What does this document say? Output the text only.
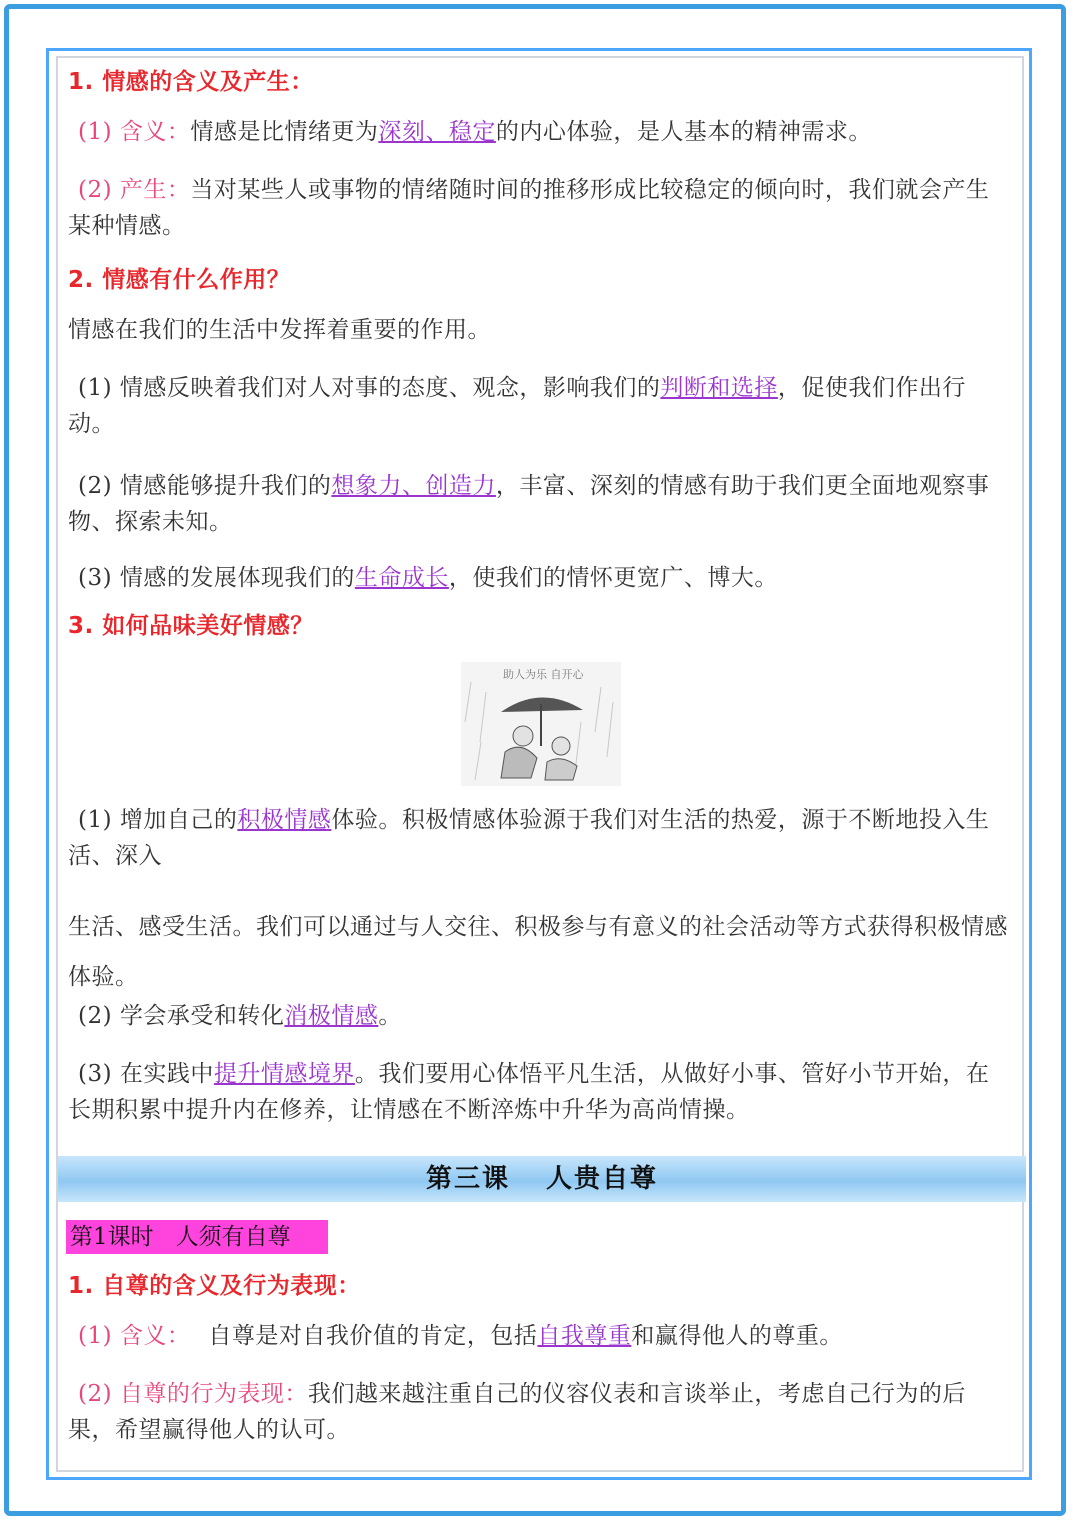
1. 情感的含义及产生：
(1) 含义：情感是比情绪更为深刻、稳定的内心体验，是人基本的精神需求。
(2) 产生：当对某些人或事物的情绪随时间的推移形成比较稳定的倾向时，我们就会产生某种情感。
2. 情感有什么作用？
情感在我们的生活中发挥着重要的作用。
(1) 情感反映着我们对人对事的态度、观念，影响我们的判断和选择，促使我们作出行动。
(2) 情感能够提升我们的想象力、创造力，丰富、深刻的情感有助于我们更全面地观察事物、探索未知。
(3) 情感的发展体现我们的生命成长，使我们的情怀更宽广、博大。
3. 如何品味美好情感？
助人为乐 自开心
(1) 增加自己的积极情感体验。积极情感体验源于我们对生活的热爱，源于不断地投入生活、深入
生活、感受生活。我们可以通过与人交往、积极参与有意义的社会活动等方式获得积极情感体验。
(2) 学会承受和转化消极情感。
(3) 在实践中提升情感境界。我们要用心体悟平凡生活，从做好小事、管好小节开始，在长期积累中提升内在修养，让情感在不断淬炼中升华为高尚情操。
第三课 人贵自尊
第1课时 人须有自尊
1. 自尊的含义及行为表现：
(1) 含义： 自尊是对自我价值的肯定，包括自我尊重和赢得他人的尊重。
(2) 自尊的行为表现：我们越来越注重自己的仪容仪表和言谈举止，考虑自己行为的后果，希望赢得他人的认可。
